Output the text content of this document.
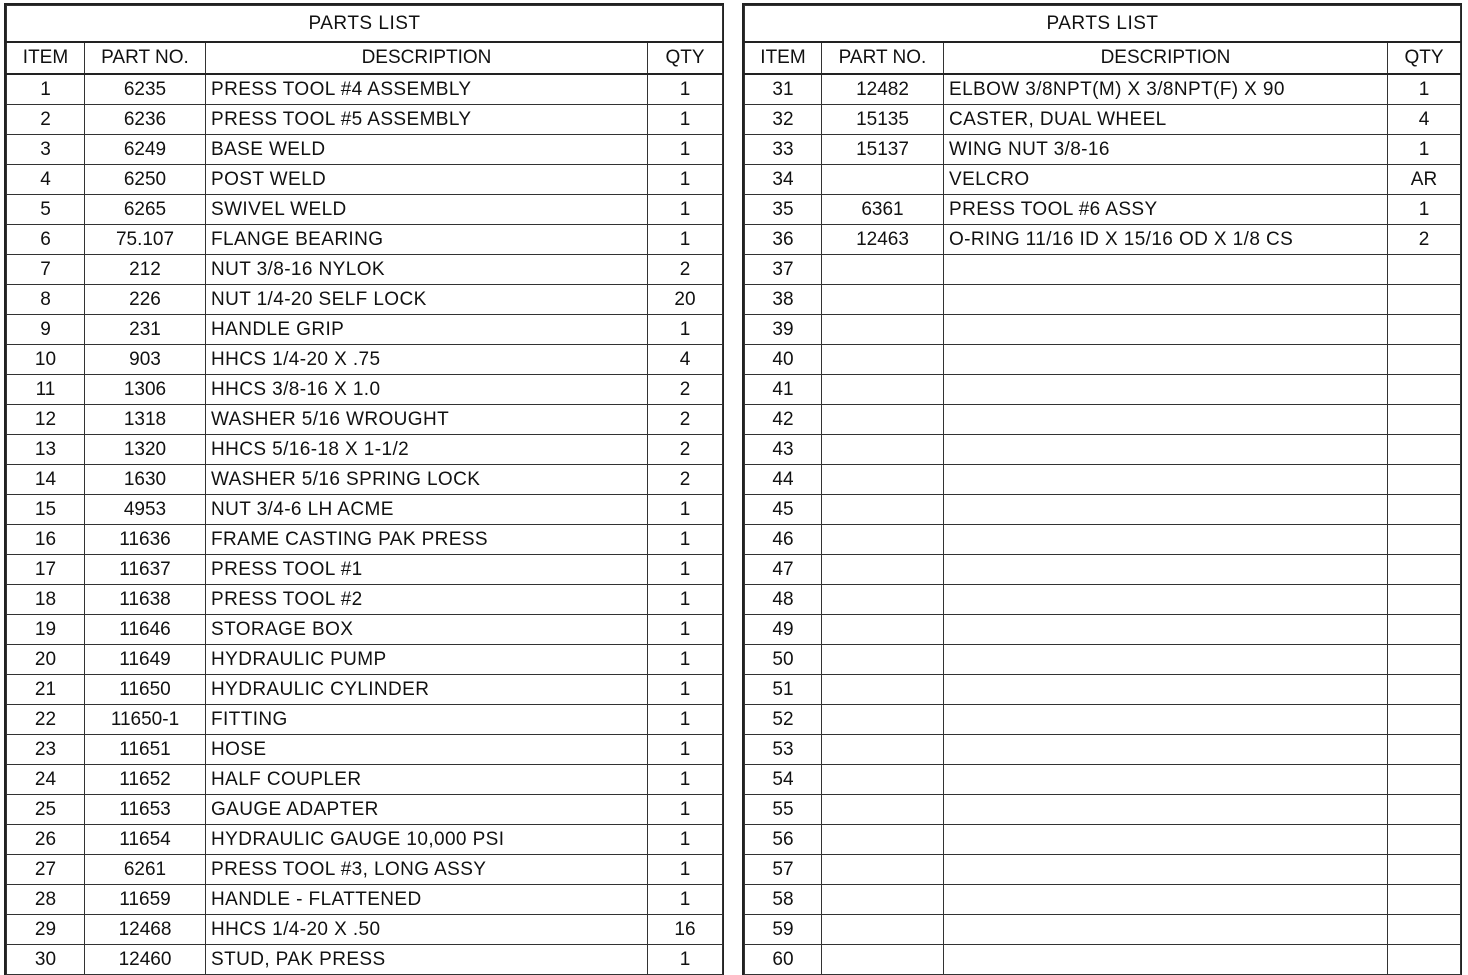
PARTS LIST			
ITEM	PART NO.	DESCRIPTION	QTY
1	6235	PRESS TOOL #4 ASSEMBLY	1
2	6236	PRESS TOOL #5 ASSEMBLY	1
3	6249	BASE WELD	1
4	6250	POST WELD	1
5	6265	SWIVEL WELD	1
6	75.107	FLANGE BEARING	1
7	212	NUT 3/8-16 NYLOK	2
8	226	NUT 1/4-20 SELF LOCK	20
9	231	HANDLE GRIP	1
10	903	HHCS 1/4-20 X .75	4
11	1306	HHCS 3/8-16 X 1.0	2
12	1318	WASHER 5/16 WROUGHT	2
13	1320	HHCS 5/16-18 X 1-1/2	2
14	1630	WASHER 5/16 SPRING LOCK	2
15	4953	NUT 3/4-6 LH ACME	1
16	11636	FRAME CASTING PAK PRESS	1
17	11637	PRESS TOOL #1	1
18	11638	PRESS TOOL #2	1
19	11646	STORAGE BOX	1
20	11649	HYDRAULIC PUMP	1
21	11650	HYDRAULIC CYLINDER	1
22	11650-1	FITTING	1
23	11651	HOSE	1
24	11652	HALF COUPLER	1
25	11653	GAUGE ADAPTER	1
26	11654	HYDRAULIC GAUGE 10,000 PSI	1
27	6261	PRESS TOOL #3, LONG ASSY	1
28	11659	HANDLE - FLATTENED	1
29	12468	HHCS 1/4-20 X .50	16
30	12460	STUD, PAK PRESS	1
PARTS LIST			
ITEM	PART NO.	DESCRIPTION	QTY
31	12482	ELBOW 3/8NPT(M) X 3/8NPT(F) X 90	1
32	15135	CASTER, DUAL WHEEL	4
33	15137	WING NUT 3/8-16	1
34		VELCRO	AR
35	6361	PRESS TOOL #6 ASSY	1
36	12463	O-RING 11/16 ID X 15/16 OD X 1/8 CS	2
37			
38			
39			
40			
41			
42			
43			
44			
45			
46			
47			
48			
49			
50			
51			
52			
53			
54			
55			
56			
57			
58			
59			
60			
